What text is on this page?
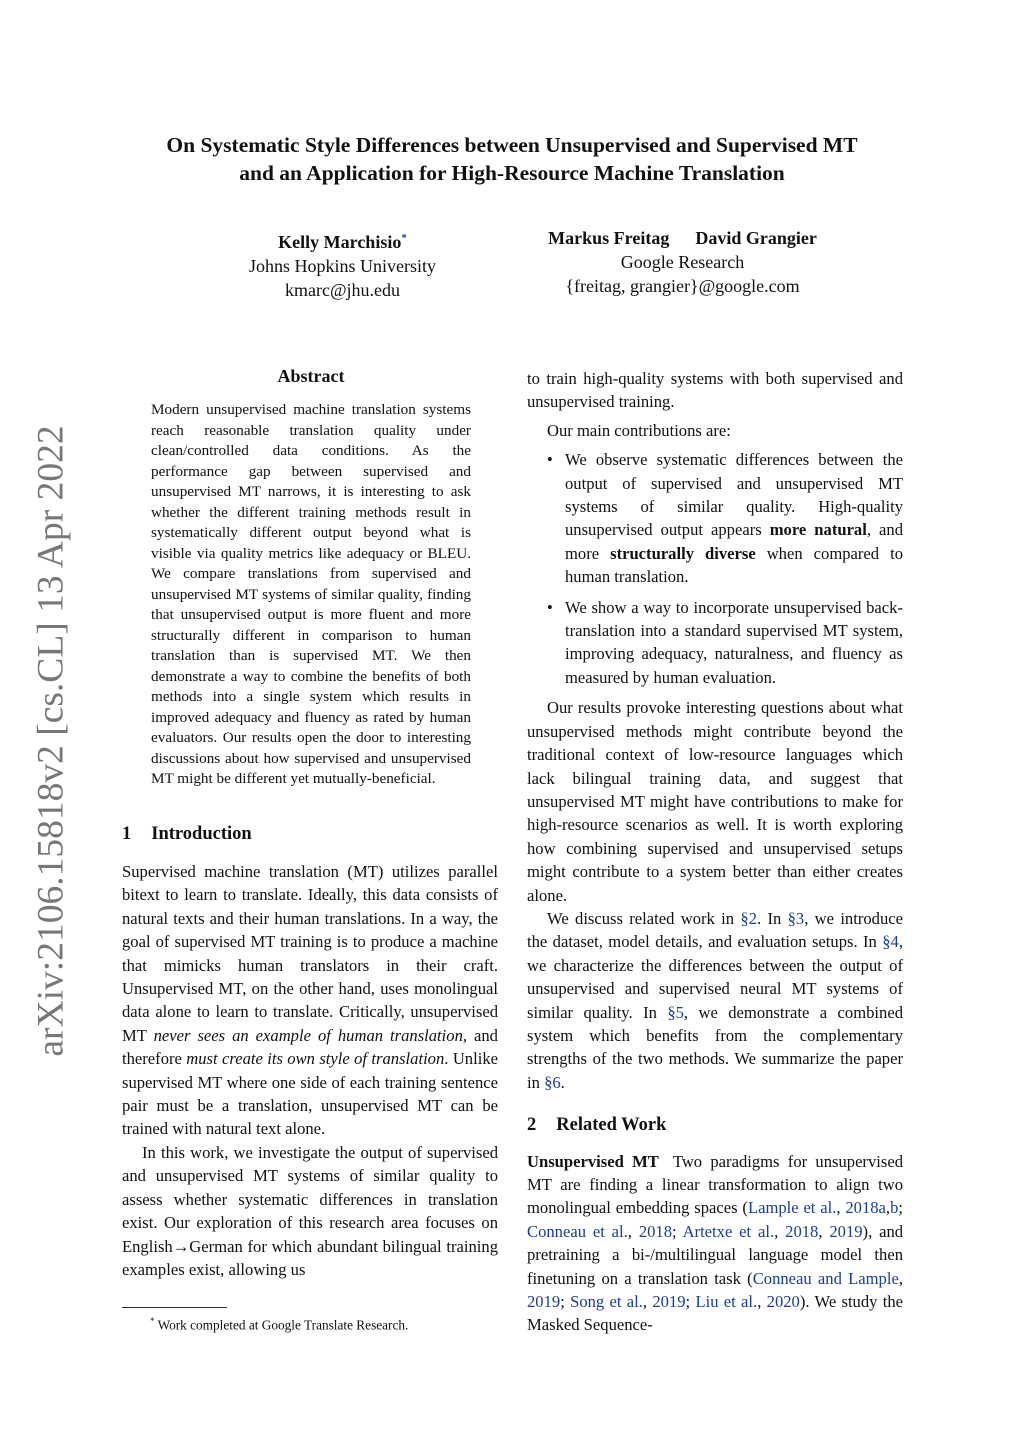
On Systematic Style Differences between Unsupervised and Supervised MT
and an Application for High-Resource Machine Translation
Kelly Marchisio*
Johns Hopkins University
kmarc@jhu.edu
Markus Freitag David Grangier
Google Research
{freitag, grangier}@google.com
arXiv:2106.15818v2 [cs.CL] 13 Apr 2022
Abstract

Modern unsupervised machine translation systems reach reasonable translation quality under clean/controlled data conditions. As the performance gap between supervised and unsupervised MT narrows, it is interesting to ask whether the different training methods result in systematically different output beyond what is visible via quality metrics like adequacy or BLEU. We compare translations from supervised and unsupervised MT systems of similar quality, finding that unsupervised output is more fluent and more structurally different in comparison to human translation than is supervised MT. We then demonstrate a way to combine the benefits of both methods into a single system which results in improved adequacy and fluency as rated by human evaluators. Our results open the door to interesting discussions about how supervised and unsupervised MT might be different yet mutually-beneficial.

1 Introduction

Supervised machine translation (MT) utilizes parallel bitext to learn to translate. Ideally, this data consists of natural texts and their human translations. In a way, the goal of supervised MT training is to produce a machine that mimicks human translators in their craft. Unsupervised MT, on the other hand, uses monolingual data alone to learn to translate. Critically, unsupervised MT never sees an example of human translation, and therefore must create its own style of translation. Unlike supervised MT where one side of each training sentence pair must be a translation, unsupervised MT can be trained with natural text alone.

In this work, we investigate the output of supervised and unsupervised MT systems of similar quality to assess whether systematic differences in translation exist. Our exploration of this research area focuses on English→German for which abundant bilingual training examples exist, allowing us

* Work completed at Google Translate Research.

to train high-quality systems with both supervised and unsupervised training.

Our main contributions are:

• We observe systematic differences between the output of supervised and unsupervised MT systems of similar quality. High-quality unsupervised output appears more natural, and more structurally diverse when compared to human translation.
• We show a way to incorporate unsupervised back-translation into a standard supervised MT system, improving adequacy, naturalness, and fluency as measured by human evaluation.

Our results provoke interesting questions about what unsupervised methods might contribute beyond the traditional context of low-resource languages which lack bilingual training data, and suggest that unsupervised MT might have contributions to make for high-resource scenarios as well. It is worth exploring how combining supervised and unsupervised setups might contribute to a system better than either creates alone.

We discuss related work in §2. In §3, we introduce the dataset, model details, and evaluation setups. In §4, we characterize the differences between the output of unsupervised and supervised neural MT systems of similar quality. In §5, we demonstrate a combined system which benefits from the complementary strengths of the two methods. We summarize the paper in §6.

2 Related Work

Unsupervised MT Two paradigms for unsupervised MT are finding a linear transformation to align two monolingual embedding spaces (Lample et al., 2018a,b; Conneau et al., 2018; Artetxe et al., 2018, 2019), and pretraining a bi-/multilingual language model then finetuning on a translation task (Conneau and Lample, 2019; Song et al., 2019; Liu et al., 2020). We study the Masked Sequence-
